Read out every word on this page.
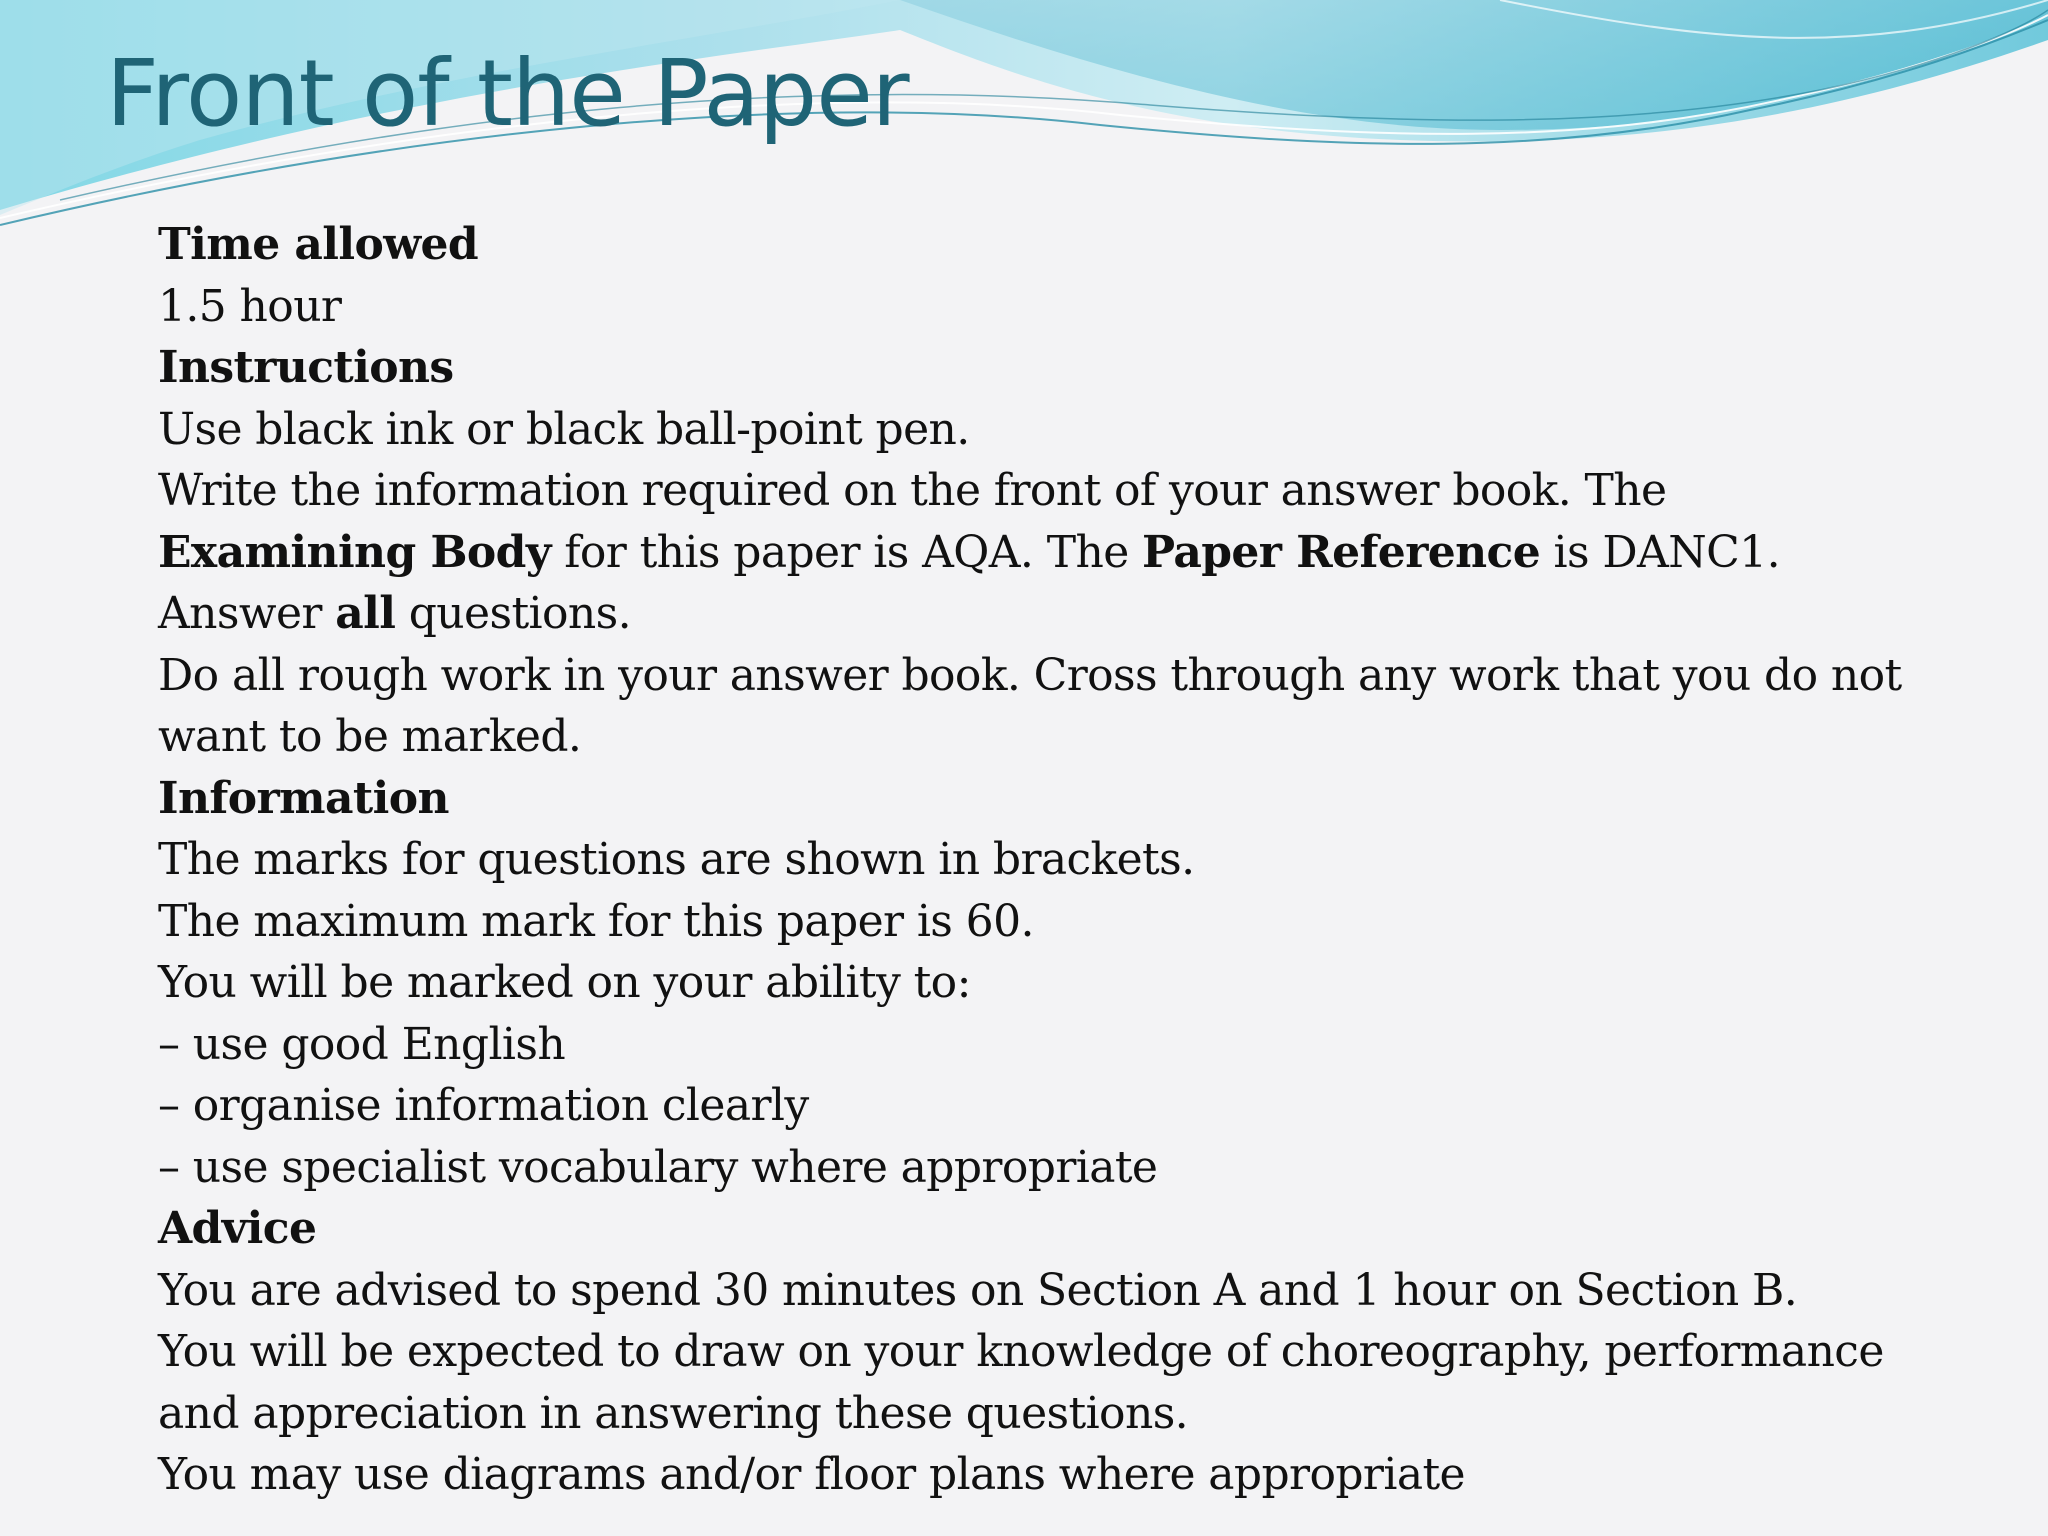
Front of the Paper
Time allowed
1.5 hour
Instructions
Use black ink or black ball-point pen.
Write the information required on the front of your answer book. The
Examining Body for this paper is AQA. The Paper Reference is DANC1.
Answer all questions.
Do all rough work in your answer book. Cross through any work that you do not
want to be marked.
Information
The marks for questions are shown in brackets.
The maximum mark for this paper is 60.
You will be marked on your ability to:
– use good English
– organise information clearly
– use specialist vocabulary where appropriate
Advice
You are advised to spend 30 minutes on Section A and 1 hour on Section B.
You will be expected to draw on your knowledge of choreography, performance
and appreciation in answering these questions.
You may use diagrams and/or floor plans where appropriate
